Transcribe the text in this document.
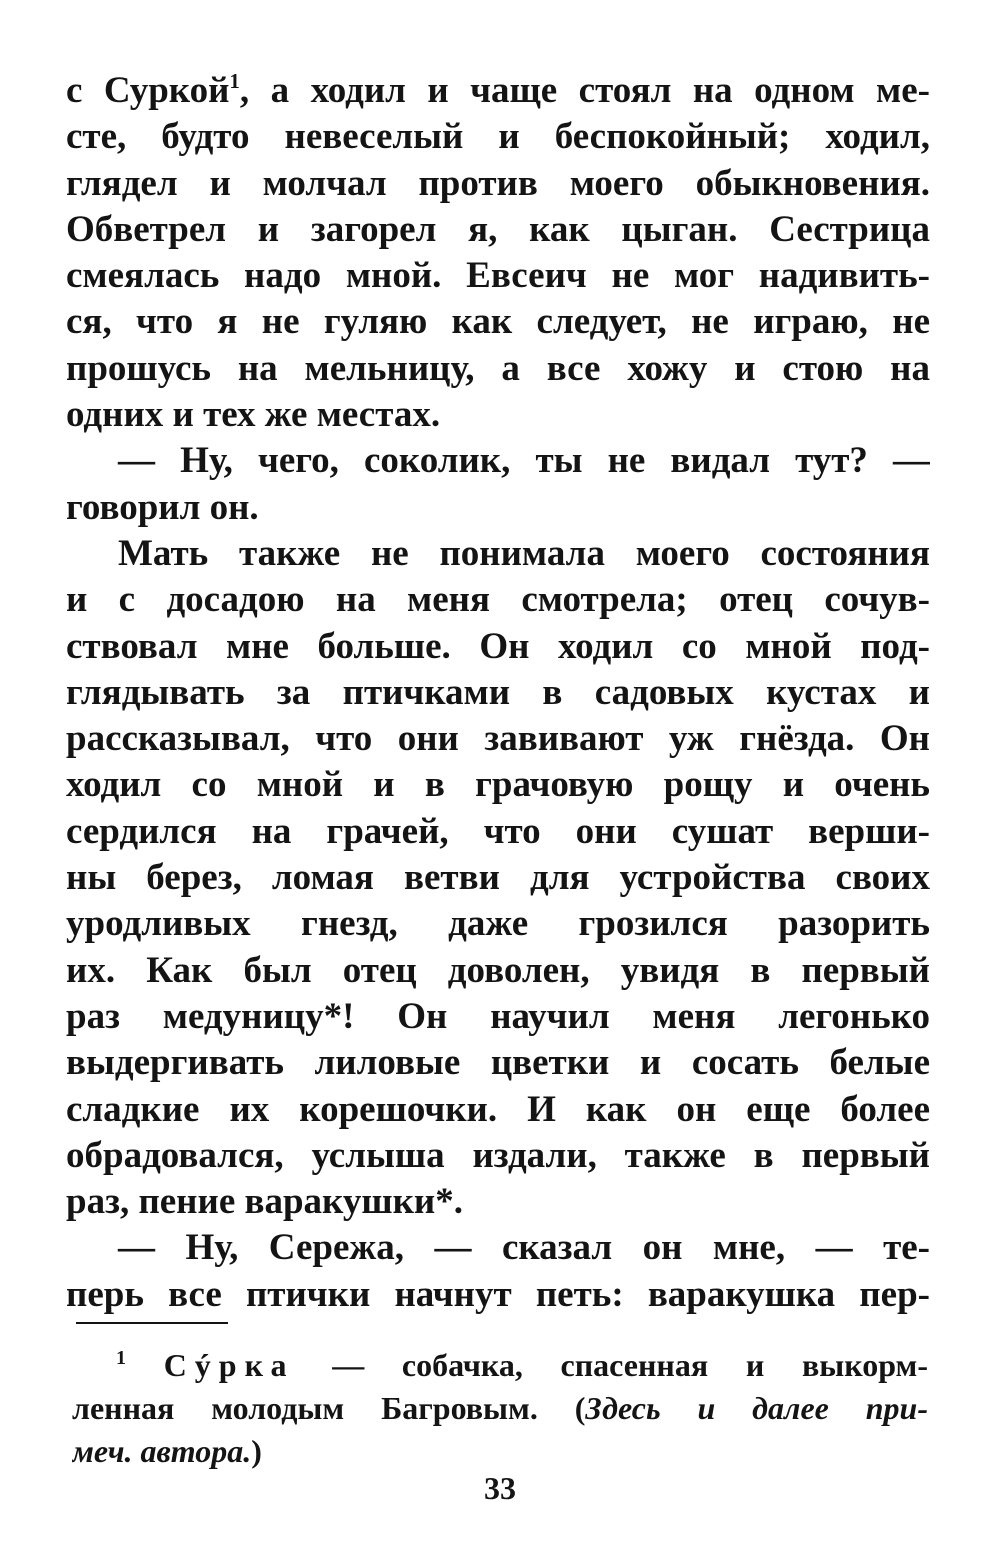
с Суркой$^1$, а ходил и чаще стоял на одном ме-
сте, будто невеселый и беспокойный; ходил,
глядел и молчал против моего обыкновения.
Обветрел и загорел я, как цыган. Сестрица
смеялась надо мной. Евсеич не мог надивить-
ся, что я не гуляю как следует, не играю, не
прошусь на мельницу, а все хожу и стою на
одних и тех же местах.
— Ну, чего, соколик, ты не видал тут? —
говорил он.
Мать также не понимала моего состояния
и с досадою на меня смотрела; отец сочув-
ствовал мне больше. Он ходил со мной под-
глядывать за птичками в садовых кустах и
рассказывал, что они завивают уж гнёзда. Он
ходил со мной и в грачовую рощу и очень
сердился на грачей, что они сушат верши-
ны берез, ломая ветви для устройства своих
уродливых гнезд, даже грозился разорить
их. Как был отец доволен, увидя в первый
раз медуницу*! Он научил меня легонько
выдергивать лиловые цветки и сосать белые
сладкие их корешочки. И как он еще более
обрадовался, услыша издали, также в первый
раз, пение варакушки*.
— Ну, Сережа, — сказал он мне, — те-
перь все птички начнут петь: варакушка пер-
$^1$ Сýрка — собачка, спасенная и выкорм-
ленная молодым Багровым. (Здесь и далее при-
меч. автора.)
33
